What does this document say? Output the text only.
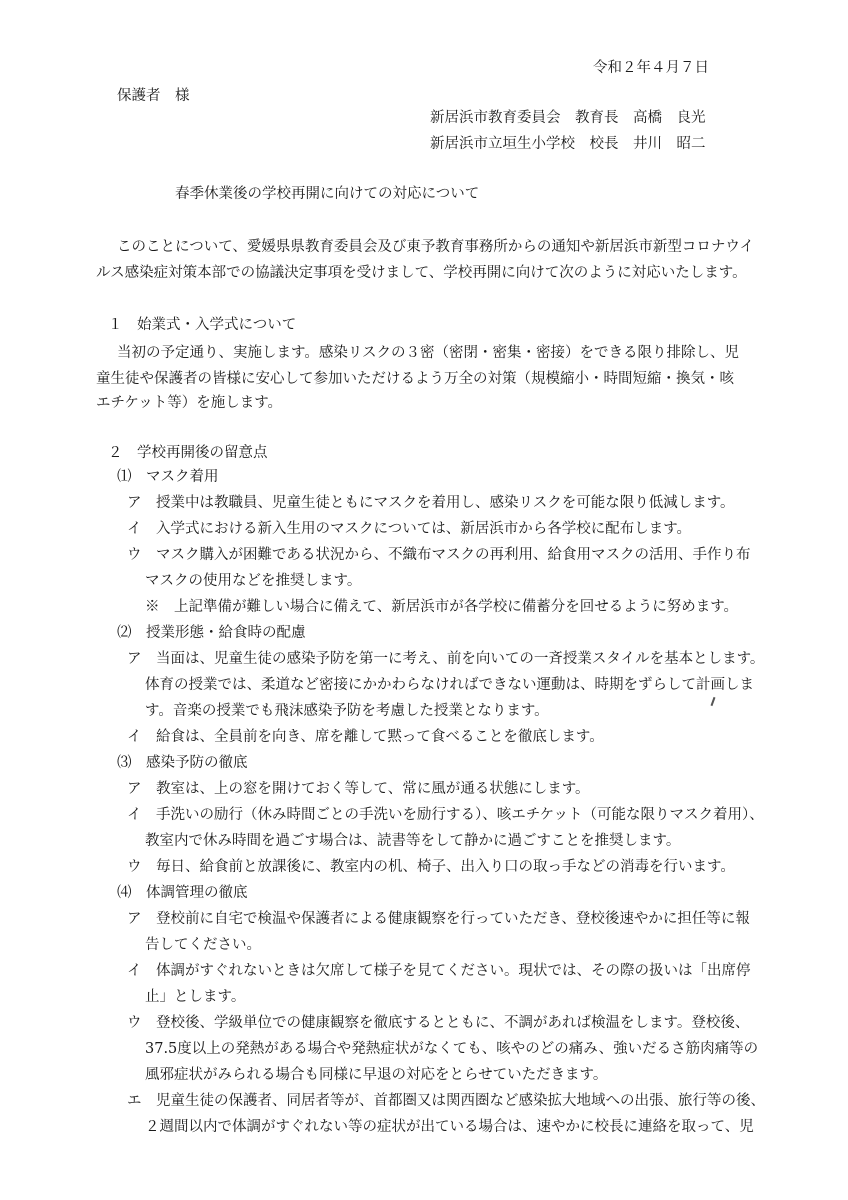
令和２年４月７日

保護者　様

新居浜市教育委員会　教育長　高橋　良光

新居浜市立垣生小学校　校長　井川　昭二

春季休業後の学校再開に向けての対応について

このことについて、愛媛県県教育委員会及び東予教育事務所からの通知や新居浜市新型コロナウイ

ルス感染症対策本部での協議決定事項を受けまして、学校再開に向けて次のように対応いたします。

１　始業式・入学式について

当初の予定通り、実施します。感染リスクの３密（密閉・密集・密接）をできる限り排除し、児

童生徒や保護者の皆様に安心して参加いただけるよう万全の対策（規模縮小・時間短縮・換気・咳

エチケット等）を施します。

２　学校再開後の留意点

⑴　マスク着用

ア　授業中は教職員、児童生徒ともにマスクを着用し、感染リスクを可能な限り低減します。

イ　入学式における新入生用のマスクについては、新居浜市から各学校に配布します。

ウ　マスク購入が困難である状況から、不織布マスクの再利用、給食用マスクの活用、手作り布

マスクの使用などを推奨します。

※　上記準備が難しい場合に備えて、新居浜市が各学校に備蓄分を回せるように努めます。

⑵　授業形態・給食時の配慮

ア　当面は、児童生徒の感染予防を第一に考え、前を向いての一斉授業スタイルを基本とします。

体育の授業では、柔道など密接にかかわらなければできない運動は、時期をずらして計画しま

す。音楽の授業でも飛沫感染予防を考慮した授業となります。

イ　給食は、全員前を向き、席を離して黙って食べることを徹底します。

⑶　感染予防の徹底

ア　教室は、上の窓を開けておく等して、常に風が通る状態にします。

イ　手洗いの励行（休み時間ごとの手洗いを励行する）、咳エチケット（可能な限りマスク着用）、

教室内で休み時間を過ごす場合は、読書等をして静かに過ごすことを推奨します。

ウ　毎日、給食前と放課後に、教室内の机、椅子、出入り口の取っ手などの消毒を行います。

⑷　体調管理の徹底

ア　登校前に自宅で検温や保護者による健康観察を行っていただき、登校後速やかに担任等に報

告してください。

イ　体調がすぐれないときは欠席して様子を見てください。現状では、その際の扱いは「出席停

止」とします。

ウ　登校後、学級単位での健康観察を徹底するとともに、不調があれば検温をします。登校後、

37.5度以上の発熱がある場合や発熱症状がなくても、咳やのどの痛み、強いだるさ筋肉痛等の

風邪症状がみられる場合も同様に早退の対応をとらせていただきます。

エ　児童生徒の保護者、同居者等が、首都圏又は関西圏など感染拡大地域への出張、旅行等の後、

２週間以内で体調がすぐれない等の症状が出ている場合は、速やかに校長に連絡を取って、児
